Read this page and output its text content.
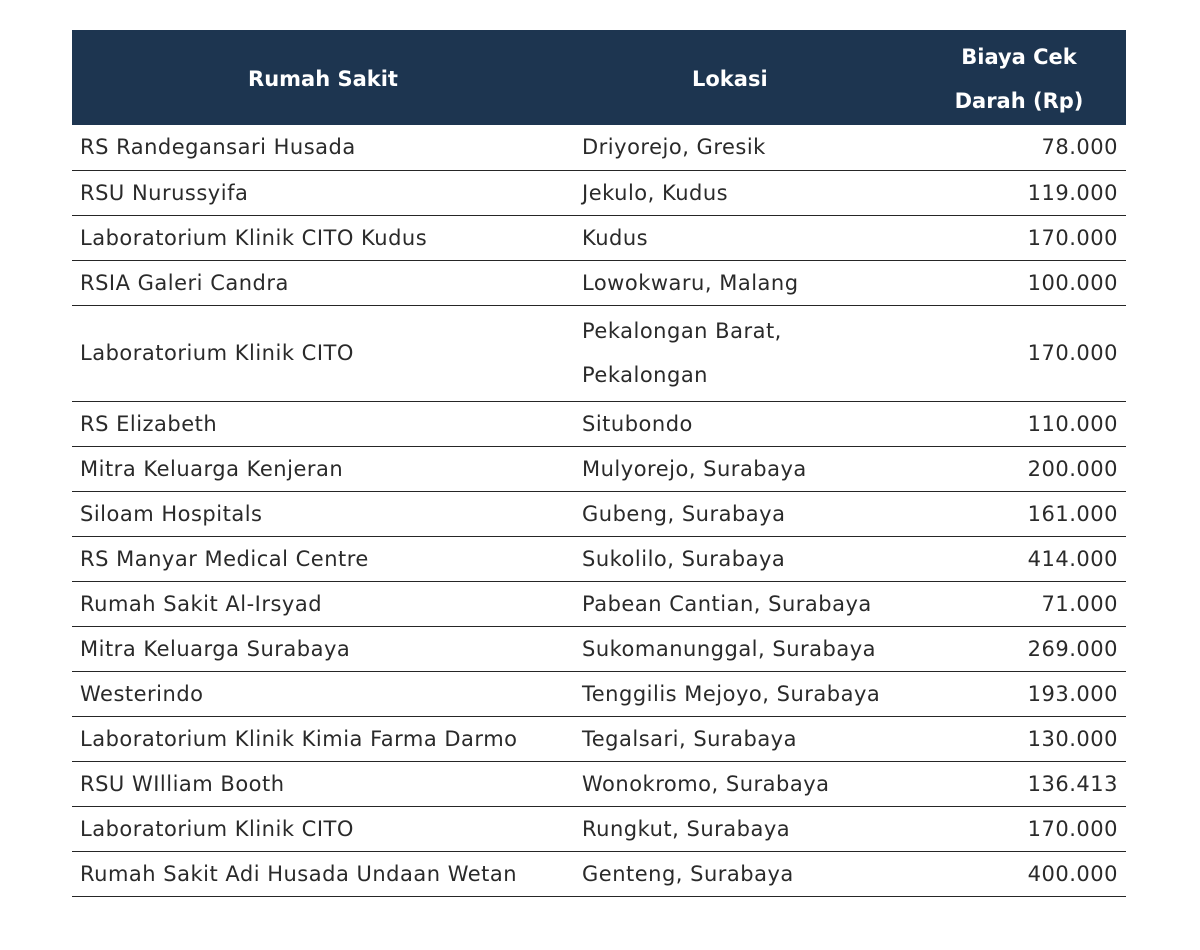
Rumah Sakit	Lokasi	Biaya Cek Darah (Rp)
RS Randegansari Husada	Driyorejo, Gresik	78.000
RSU Nurussyifa	Jekulo, Kudus	119.000
Laboratorium Klinik CITO Kudus	Kudus	170.000
RSIA Galeri Candra	Lowokwaru, Malang	100.000
Laboratorium Klinik CITO	Pekalongan Barat, Pekalongan	170.000
RS Elizabeth	Situbondo	110.000
Mitra Keluarga Kenjeran	Mulyorejo, Surabaya	200.000
Siloam Hospitals	Gubeng, Surabaya	161.000
RS Manyar Medical Centre	Sukolilo, Surabaya	414.000
Rumah Sakit Al-Irsyad	Pabean Cantian, Surabaya	71.000
Mitra Keluarga Surabaya	Sukomanunggal, Surabaya	269.000
Westerindo	Tenggilis Mejoyo, Surabaya	193.000
Laboratorium Klinik Kimia Farma Darmo	Tegalsari, Surabaya	130.000
RSU WIlliam Booth	Wonokromo, Surabaya	136.413
Laboratorium Klinik CITO	Rungkut, Surabaya	170.000
Rumah Sakit Adi Husada Undaan Wetan	Genteng, Surabaya	400.000
